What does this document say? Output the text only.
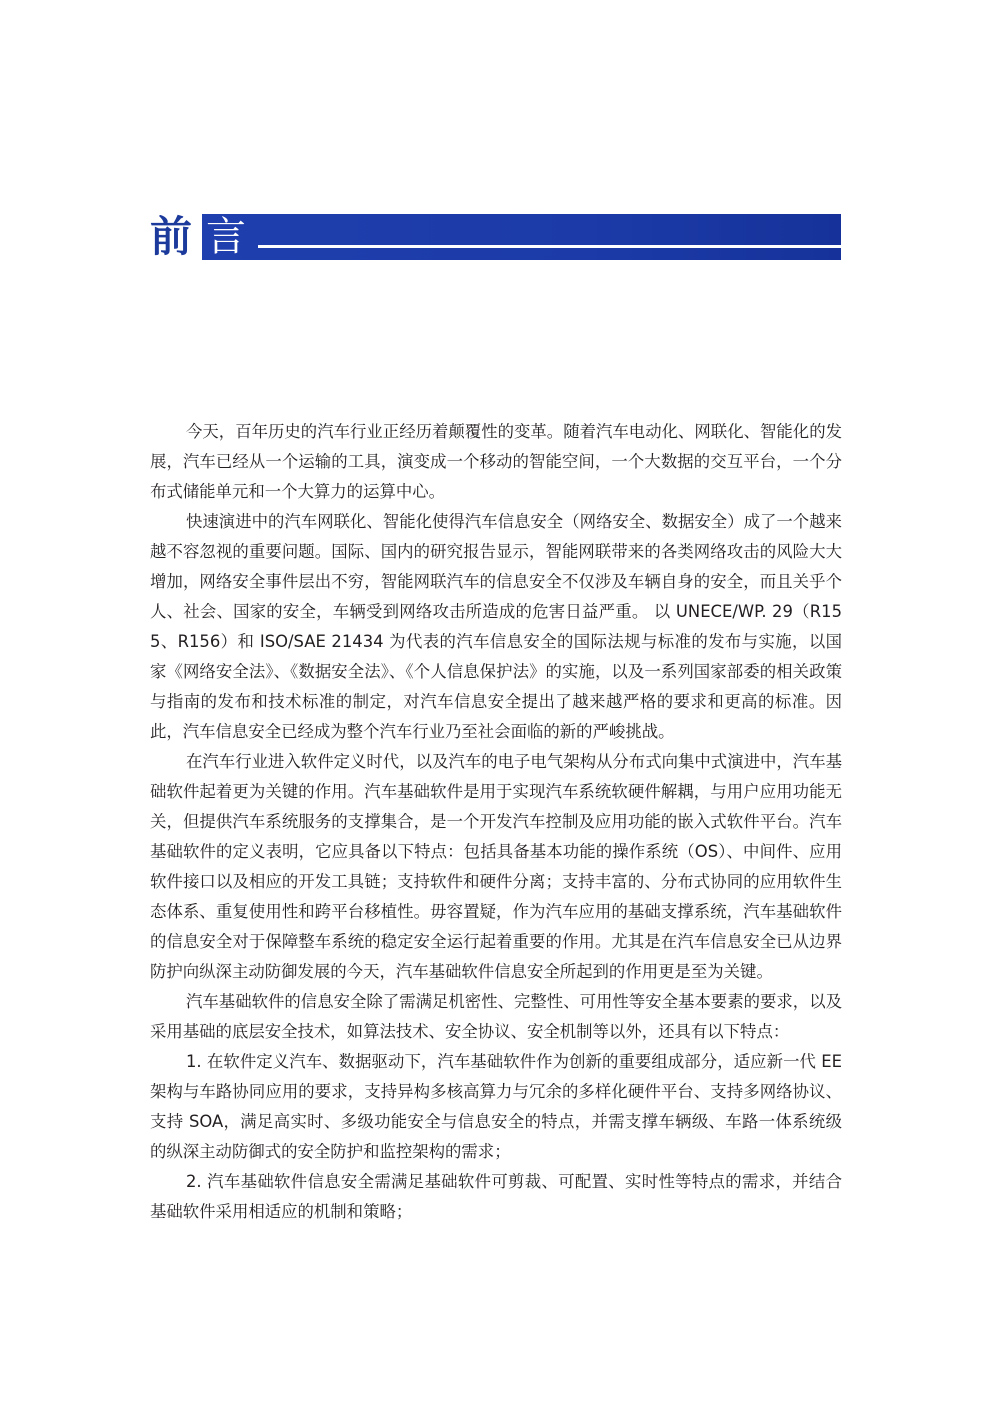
前 言

今天，百年历史的汽车行业正经历着颠覆性的变革。随着汽车电动化、网联化、智能化的发展，汽车已经从一个运输的工具，演变成一个移动的智能空间，一个大数据的交互平台，一个分布式储能单元和一个大算力的运算中心。

快速演进中的汽车网联化、智能化使得汽车信息安全（网络安全、数据安全）成了一个越来越不容忽视的重要问题。国际、国内的研究报告显示，智能网联带来的各类网络攻击的风险大大增加，网络安全事件层出不穷，智能网联汽车的信息安全不仅涉及车辆自身的安全，而且关乎个人、社会、国家的安全，车辆受到网络攻击所造成的危害日益严重。 以 UNECE/WP. 29（R155、R156）和 ISO/SAE 21434 为代表的汽车信息安全的国际法规与标准的发布与实施，以国家《网络安全法》、《数据安全法》、《个人信息保护法》的实施，以及一系列国家部委的相关政策与指南的发布和技术标准的制定，对汽车信息安全提出了越来越严格的要求和更高的标准。因此，汽车信息安全已经成为整个汽车行业乃至社会面临的新的严峻挑战。

在汽车行业进入软件定义时代，以及汽车的电子电气架构从分布式向集中式演进中，汽车基础软件起着更为关键的作用。汽车基础软件是用于实现汽车系统软硬件解耦，与用户应用功能无关，但提供汽车系统服务的支撑集合，是一个开发汽车控制及应用功能的嵌入式软件平台。汽车基础软件的定义表明，它应具备以下特点：包括具备基本功能的操作系统（OS）、中间件、应用软件接口以及相应的开发工具链；支持软件和硬件分离；支持丰富的、分布式协同的应用软件生态体系、重复使用性和跨平台移植性。毋容置疑，作为汽车应用的基础支撑系统，汽车基础软件的信息安全对于保障整车系统的稳定安全运行起着重要的作用。尤其是在汽车信息安全已从边界防护向纵深主动防御发展的今天，汽车基础软件信息安全所起到的作用更是至为关键。

汽车基础软件的信息安全除了需满足机密性、完整性、可用性等安全基本要素的要求，以及采用基础的底层安全技术，如算法技术、安全协议、安全机制等以外，还具有以下特点：

1. 在软件定义汽车、数据驱动下，汽车基础软件作为创新的重要组成部分，适应新一代 EE 架构与车路协同应用的要求，支持异构多核高算力与冗余的多样化硬件平台、支持多网络协议、支持 SOA，满足高实时、多级功能安全与信息安全的特点，并需支撑车辆级、车路一体系统级的纵深主动防御式的安全防护和监控架构的需求；

2. 汽车基础软件信息安全需满足基础软件可剪裁、可配置、实时性等特点的需求，并结合基础软件采用相适应的机制和策略；
